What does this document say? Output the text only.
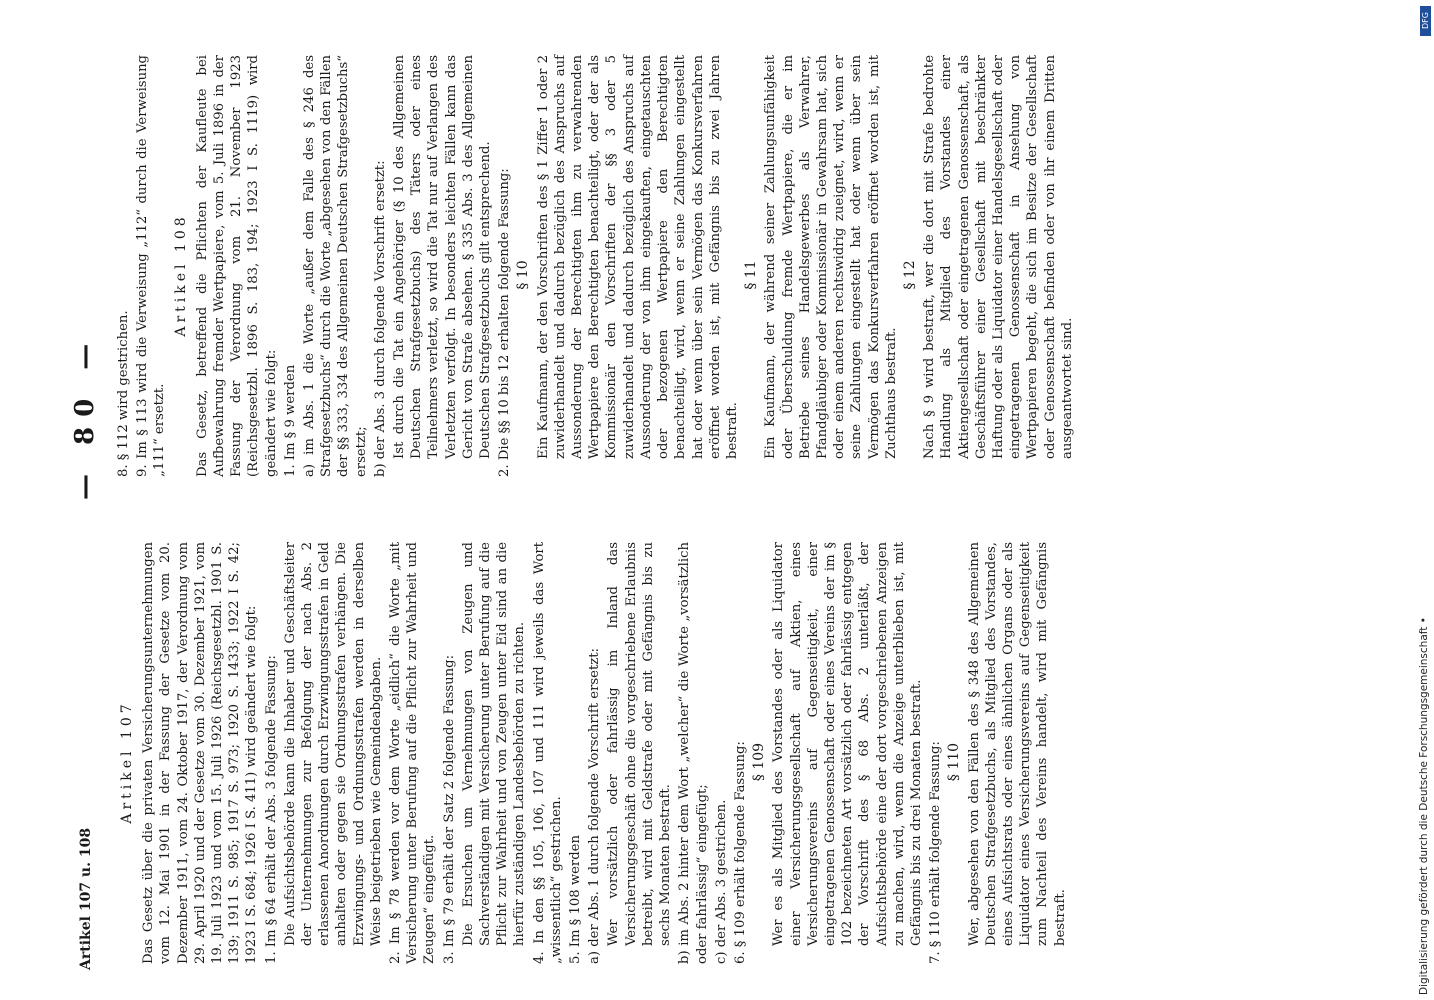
Artikel 107 u. 108
— 80 —

Artikel 107 Das Gesetz über die privaten Versicherungsunternehmungen vom 12. Mai 1901 in der Fassung der Gesetze vom 20. Dezember 1911, vom 24. Oktober 1917, der Verordnung vom 29. April 1920 und der Gesetze vom 30. Dezember 1921, vom 19. Juli 1923 und vom 15. Juli 1926 (Reichsgesetzbl. 1901 S. 139; 1911 S. 985; 1917 S. 973; 1920 S. 1433; 1922 I S. 42; 1923 I S. 684; 1926 I S. 411) wird geändert wie folgt: 1. Im § 64 erhält der Abs. 3 folgende Fassung: Die Aufsichtsbehörde kann die Inhaber und Geschäftsleiter der Unternehmungen zur Befolgung der nach Abs. 2 erlassenen Anordnungen durch Erzwingungsstrafen in Geld anhalten oder gegen sie Ordnungsstrafen verhängen. Die Erzwingungs- und Ordnungsstrafen werden in derselben Weise beigetrieben wie Gemeindeabgaben. 2. Im § 78 werden vor dem Worte „eidlich“ die Worte „mit Versicherung unter Berufung auf die Pflicht zur Wahrheit und Zeugen“ eingefügt. 3. Im § 79 erhält der Satz 2 folgende Fassung: Die Ersuchen um Vernehmungen von Zeugen und Sachverständigen mit Versicherung unter Berufung auf die Pflicht zur Wahrheit und von Zeugen unter Eid sind an die hierfür zuständigen Landesbehörden zu richten. 4. In den §§ 105, 106, 107 und 111 wird jeweils das Wort „wissentlich“ gestrichen. 5. Im § 108 werden a) der Abs. 1 durch folgende Vorschrift ersetzt: Wer vorsätzlich oder fahrlässig im Inland das Versicherungsgeschäft ohne die vorgeschriebene Erlaubnis betreibt, wird mit Geldstrafe oder mit Gefängnis bis zu sechs Monaten bestraft. b) im Abs. 2 hinter dem Wort „welcher“ die Worte „vorsätzlich oder fahrlässig“ eingefügt; c) der Abs. 3 gestrichen. 6. § 109 erhält folgende Fassung: § 109 Wer es als Mitglied des Vorstandes oder als Liquidator einer Versicherungsgesellschaft auf Aktien, eines Versicherungsvereins auf Gegenseitigkeit, einer eingetragenen Genossenschaft oder eines Vereins der im § 102 bezeichneten Art vorsätzlich oder fahrlässig entgegen der Vorschrift des § 68 Abs. 2 unterläßt, der Aufsichtsbehörde eine der dort vorgeschriebenen Anzeigen zu machen, wird, wenn die Anzeige unterblieben ist, mit Gefängnis bis zu drei Monaten bestraft. 7. § 110 erhält folgende Fassung: § 110 Wer, abgesehen von den Fällen des § 348 des Allgemeinen Deutschen Strafgesetzbuchs, als Mitglied des Vorstandes, eines Aufsichtsrats oder eines ähnlichen Organs oder als Liquidator eines Versicherungsvereins auf Gegenseitigkeit zum Nachteil des Vereins handelt, wird mit Gefängnis bestraft.

8. § 112 wird gestrichen. 9. Im § 113 wird die Verweisung „112“ durch die Verweisung „111“ ersetzt.

Artikel 108 Das Gesetz, betreffend die Pflichten der Kaufleute bei Aufbewahrung fremder Wertpapiere, vom 5. Juli 1896 in der Fassung der Verordnung vom 21. November 1923 (Reichsgesetzbl. 1896 S. 183, 194; 1923 I S. 1119) wird geändert wie folgt: 1. Im § 9 werden a) im Abs. 1 die Worte „außer dem Falle des § 246 des Strafgesetzbuchs“ durch die Worte „abgesehen von den Fällen der §§ 333, 334 des Allgemeinen Deutschen Strafgesetzbuchs“ ersetzt; b) der Abs. 3 durch folgende Vorschrift ersetzt: Ist durch die Tat ein Angehöriger (§ 10 des Allgemeinen Deutschen Strafgesetzbuchs) des Täters oder eines Teilnehmers verletzt, so wird die Tat nur auf Verlangen des Verletzten verfolgt. In besonders leichten Fällen kann das Gericht von Strafe absehen. § 335 Abs. 3 des Allgemeinen Deutschen Strafgesetzbuchs gilt entsprechend. 2. Die §§ 10 bis 12 erhalten folgende Fassung: § 10 Ein Kaufmann, der den Vorschriften des § 1 Ziffer 1 oder 2 zuwiderhandelt und dadurch bezüglich des Anspruchs auf Aussonderung der Berechtigten ihm zu verwahrenden Wertpapiere den Berechtigten benachteiligt, oder der als Kommissionär den Vorschriften der §§ 3 oder 5 zuwiderhandelt und dadurch bezüglich des Anspruchs auf Aussonderung der von ihm eingekauften, eingetauschten oder bezogenen Wertpapiere den Berechtigten benachteiligt, wird, wenn er seine Zahlungen eingestellt hat oder wenn über sein Vermögen das Konkursverfahren eröffnet worden ist, mit Gefängnis bis zu zwei Jahren bestraft.

§ 11 Ein Kaufmann, der während seiner Zahlungsunfähigkeit oder Überschuldung fremde Wertpapiere, die er im Betriebe seines Handelsgewerbes als Verwahrer, Pfandgläubiger oder Kommissionär in Gewahrsam hat, sich oder einem anderen rechtswidrig zueignet, wird, wenn er seine Zahlungen eingestellt hat oder wenn über sein Vermögen das Konkursverfahren eröffnet worden ist, mit Zuchthaus bestraft.

§ 12 Nach § 9 wird bestraft, wer die dort mit Strafe bedrohte Handlung als Mitglied des Vorstandes einer Aktiengesellschaft oder eingetragenen Genossenschaft, als Geschäftsführer einer Gesellschaft mit beschränkter Haftung oder als Liquidator einer Handelsgesellschaft oder eingetragenen Genossenschaft in Ansehung von Wertpapieren begeht, die sich im Besitze der Gesellschaft oder Genossenschaft befinden oder von ihr einem Dritten ausgeantwortet sind.

DFG
Digitalisierung gefördert durch die Deutsche Forschungsgemeinschaft •
